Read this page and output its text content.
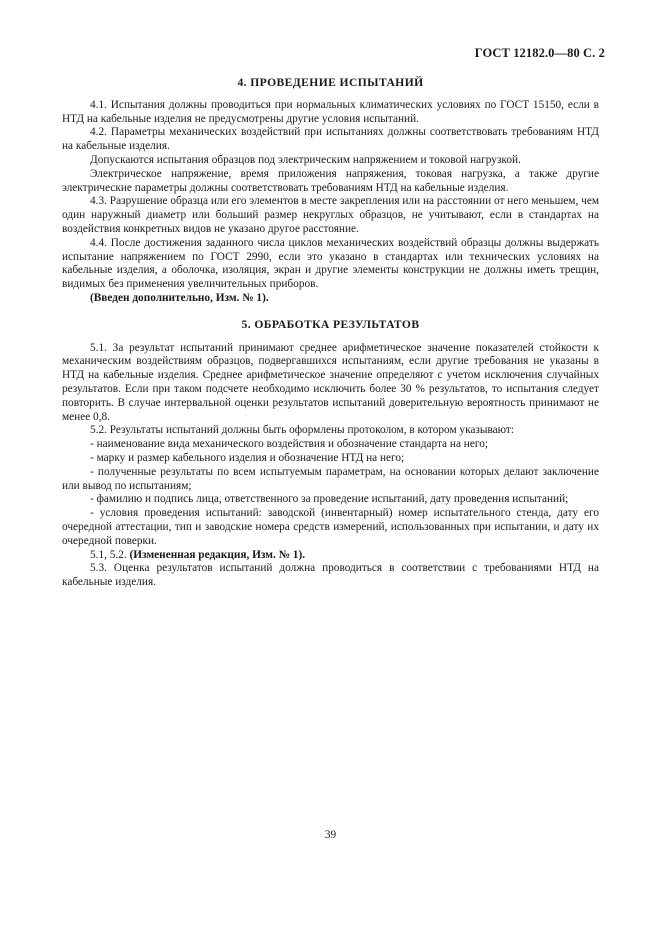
ГОСТ 12182.0—80 С. 2
4. ПРОВЕДЕНИЕ ИСПЫТАНИЙ

4.1. Испытания должны проводиться при нормальных климатических условиях по ГОСТ 15150, если в НТД на кабельные изделия не предусмотрены другие условия испытаний.

4.2. Параметры механических воздействий при испытаниях должны соответствовать требованиям НТД на кабельные изделия.

Допускаются испытания образцов под электрическим напряжением и токовой нагрузкой.

Электрическое напряжение, время приложения напряжения, токовая нагрузка, а также другие электрические параметры должны соответствовать требованиям НТД на кабельные изделия.

4.3. Разрушение образца или его элементов в месте закрепления или на расстоянии от него меньшем, чем один наружный диаметр или больший размер некруглых образцов, не учитывают, если в стандартах на воздействия конкретных видов не указано другое расстояние.

4.4. После достижения заданного числа циклов механических воздействий образцы должны выдержать испытание напряжением по ГОСТ 2990, если это указано в стандартах или технических условиях на кабельные изделия, а оболочка, изоляция, экран и другие элементы конструкции не должны иметь трещин, видимых без применения увеличительных приборов.

(Введен дополнительно, Изм. № 1).

5. ОБРАБОТКА РЕЗУЛЬТАТОВ

5.1. За результат испытаний принимают среднее арифметическое значение показателей стойкости к механическим воздействиям образцов, подвергавшихся испытаниям, если другие требования не указаны в НТД на кабельные изделия. Среднее арифметическое значение определяют с учетом исключения случайных результатов. Если при таком подсчете необходимо исключить более 30 % результатов, то испытания следует повторить. В случае интервальной оценки результатов испытаний доверительную вероятность принимают не менее 0,8.

5.2. Результаты испытаний должны быть оформлены протоколом, в котором указывают:

- наименование вида механического воздействия и обозначение стандарта на него;

- марку и размер кабельного изделия и обозначение НТД на него;

- полученные результаты по всем испытуемым параметрам, на основании которых делают заключение или вывод по испытаниям;

- фамилию и подпись лица, ответственного за проведение испытаний, дату проведения испытаний;

- условия проведения испытаний: заводской (инвентарный) номер испытательного стенда, дату его очередной аттестации, тип и заводские номера средств измерений, использованных при испытании, и дату их очередной поверки.

5.1, 5.2. (Измененная редакция, Изм. № 1).

5.3. Оценка результатов испытаний должна проводиться в соответствии с требованиями НТД на кабельные изделия.

39
